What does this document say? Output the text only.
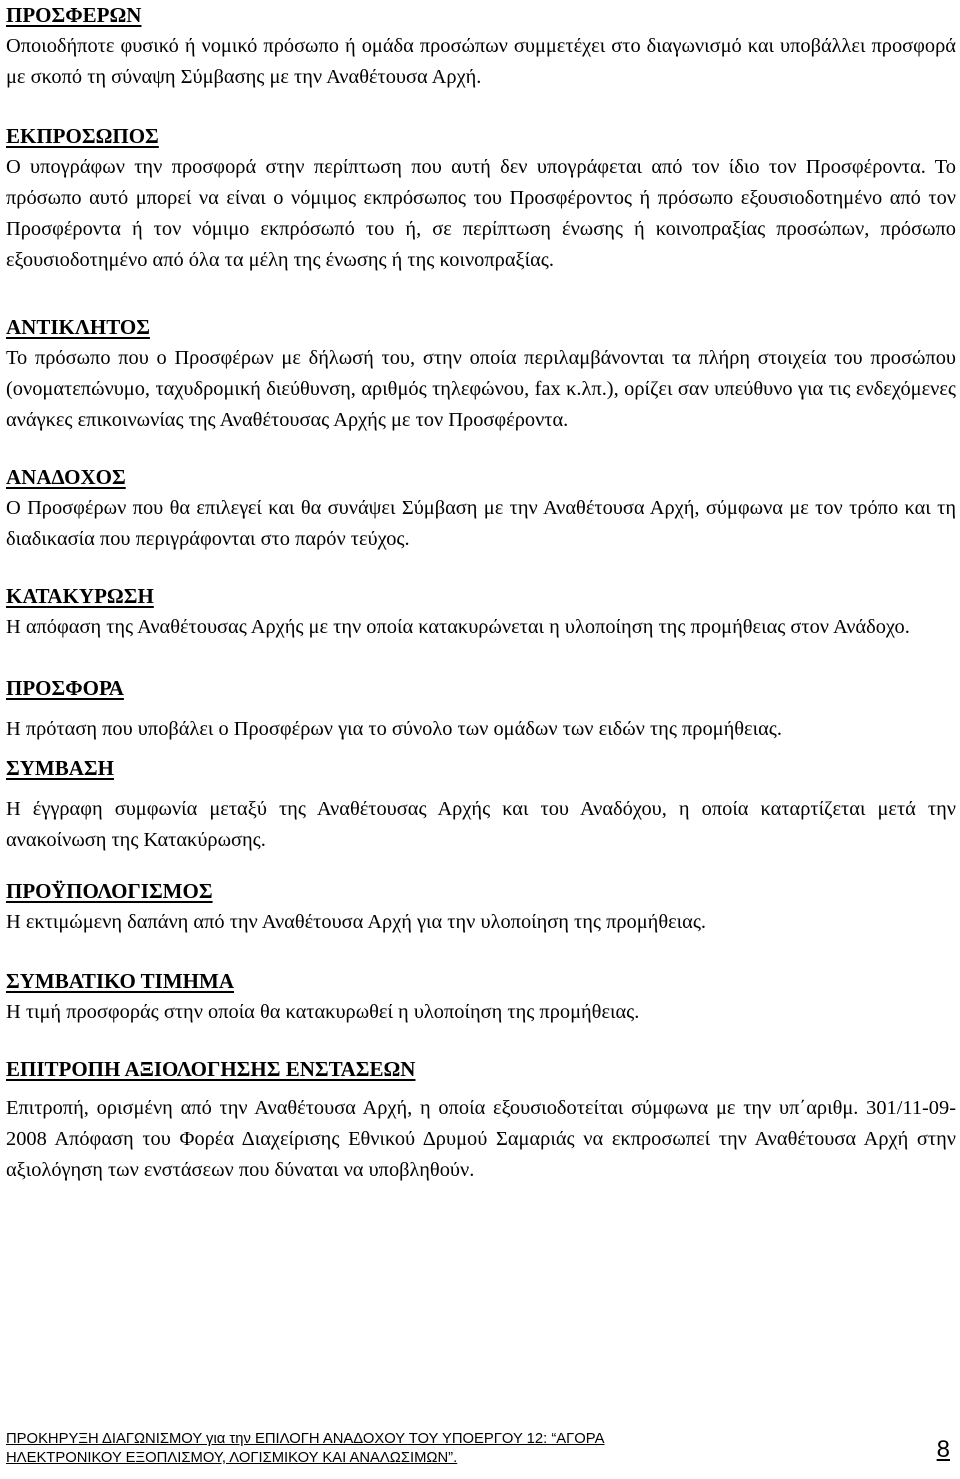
ΠΡΟΣΦΕΡΩΝ

Οποιοδήποτε φυσικό ή νομικό πρόσωπο ή ομάδα προσώπων συμμετέχει στο διαγωνισμό και υποβάλλει προσφορά με σκοπό τη σύναψη Σύμβασης με την Αναθέτουσα Αρχή.

ΕΚΠΡΟΣΩΠΟΣ

Ο υπογράφων την προσφορά στην περίπτωση που αυτή δεν υπογράφεται από τον ίδιο τον Προσφέροντα. Το πρόσωπο αυτό μπορεί να είναι ο νόμιμος εκπρόσωπος του Προσφέροντος ή πρόσωπο εξουσιοδοτημένο από τον Προσφέροντα ή τον νόμιμο εκπρόσωπό του ή, σε περίπτωση ένωσης ή κοινοπραξίας προσώπων, πρόσωπο εξουσιοδοτημένο από όλα τα μέλη της ένωσης ή της κοινοπραξίας.

ΑΝΤΙΚΛΗΤΟΣ

Το πρόσωπο που ο Προσφέρων με δήλωσή του, στην οποία περιλαμβάνονται τα πλήρη στοιχεία του προσώπου (ονοματεπώνυμο, ταχυδρομική διεύθυνση, αριθμός τηλεφώνου, fax κ.λπ.), ορίζει σαν υπεύθυνο για τις ενδεχόμενες ανάγκες επικοινωνίας της Αναθέτουσας Αρχής με τον Προσφέροντα.

ΑΝΑΔΟΧΟΣ

Ο Προσφέρων που θα επιλεγεί και θα συνάψει Σύμβαση με την Αναθέτουσα Αρχή, σύμφωνα με τον τρόπο και τη διαδικασία που περιγράφονται στο παρόν τεύχος.

ΚΑΤΑΚΥΡΩΣΗ

Η απόφαση της Αναθέτουσας Αρχής με την οποία κατακυρώνεται η υλοποίηση της προμήθειας στον Ανάδοχο.

ΠΡΟΣΦΟΡΑ

Η πρόταση που υποβάλει ο Προσφέρων για το σύνολο των ομάδων των ειδών της προμήθειας.

ΣΥΜΒΑΣΗ

Η έγγραφη συμφωνία μεταξύ της Αναθέτουσας Αρχής και του Αναδόχου, η οποία καταρτίζεται μετά την ανακοίνωση της Κατακύρωσης.

ΠΡΟΫΠΟΛΟΓΙΣΜΟΣ

Η εκτιμώμενη δαπάνη από την Αναθέτουσα Αρχή για την υλοποίηση της προμήθειας.

ΣΥΜΒΑΤΙΚΟ ΤΙΜΗΜΑ

Η τιμή προσφοράς στην οποία θα κατακυρωθεί η υλοποίηση της προμήθειας.

ΕΠΙΤΡΟΠΗ ΑΞΙΟΛΟΓΗΣΗΣ ΕΝΣΤΑΣΕΩΝ

Επιτροπή, ορισμένη από την Αναθέτουσα Αρχή, η οποία εξουσιοδοτείται σύμφωνα με την υπ΄αριθμ. 301/11-09-2008 Απόφαση του Φορέα Διαχείρισης Εθνικού Δρυμού Σαμαριάς να εκπροσωπεί την Αναθέτουσα Αρχή στην αξιολόγηση των ενστάσεων που δύναται να υποβληθούν.

ΠΡΟΚΗΡΥΞΗ ΔΙΑΓΩΝΙΣΜΟΥ για την ΕΠΙΛΟΓΗ ΑΝΑΔΟΧΟΥ ΤΟΥ ΥΠΟΕΡΓΟΥ 12: “ΑΓΟΡΑ

ΗΛΕΚΤΡΟΝΙΚΟΥ ΕΞΟΠΛΙΣΜΟΥ, ΛΟΓΙΣΜΙΚΟΥ ΚΑΙ ΑΝΑΛΩΣΙΜΩΝ”.	8
